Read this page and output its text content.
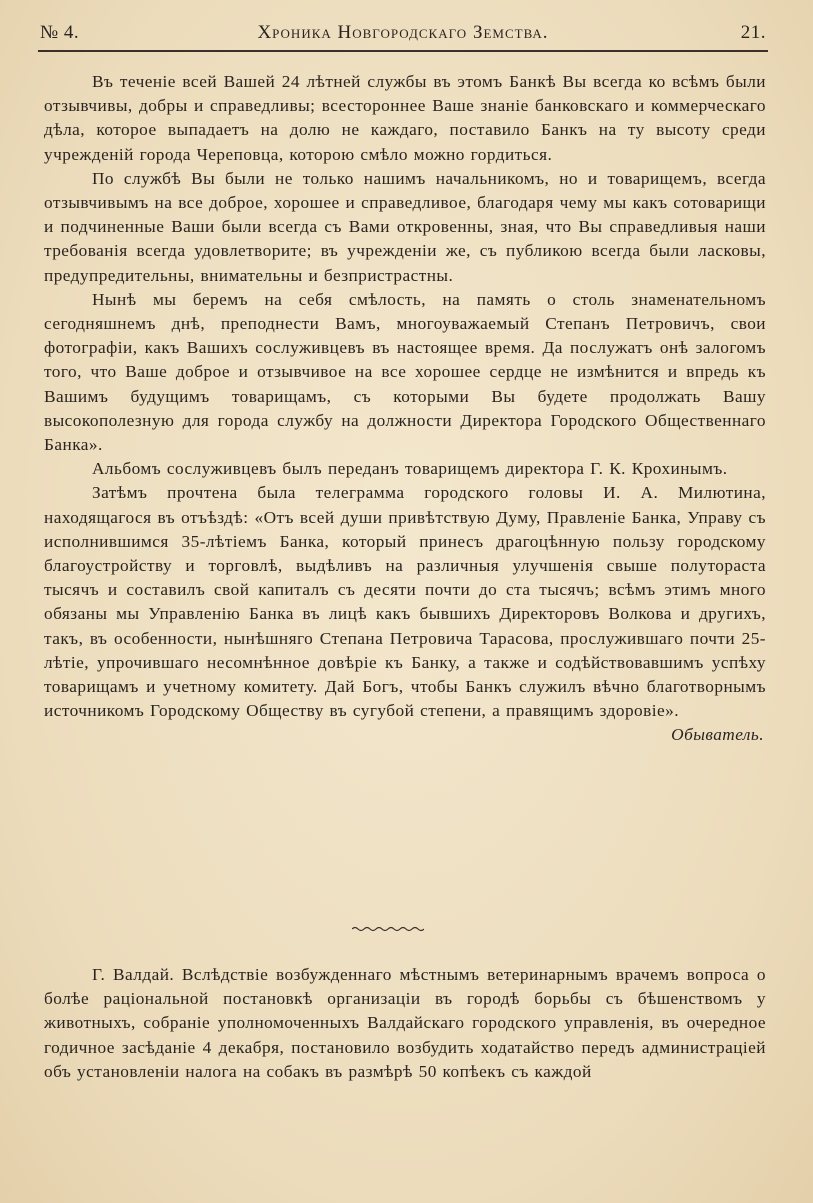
№ 4.	Хроника Новгородскаго Земства.	21.

Въ теченіе всей Вашей 24 лѣтней службы въ этомъ Банкѣ Вы всегда ко всѣмъ были отзывчивы, добры и справедливы; всестороннее Ваше знаніе банковскаго и коммерческаго дѣла, которое выпадаетъ на долю не каждаго, поставило Банкъ на ту высоту среди учрежденій города Череповца, которою смѣло можно гордиться.

По службѣ Вы были не только нашимъ начальникомъ, но и товарищемъ, всегда отзывчивымъ на все доброе, хорошее и справедливое, благодаря чему мы какъ сотоварищи и подчиненные Ваши были всегда съ Вами откровенны, зная, что Вы справедливыя наши требованія всегда удовлетворите; въ учрежденіи же, съ публикою всегда были ласковы, предупредительны, внимательны и безпристрастны.

Нынѣ мы беремъ на себя смѣлость, на память о столь знаменательномъ сегодняшнемъ днѣ, преподнести Вамъ, многоуважаемый Степанъ Петровичъ, свои фотографіи, какъ Вашихъ сослуживцевъ въ настоящее время. Да послужатъ онѣ залогомъ того, что Ваше доброе и отзывчивое на все хорошее сердце не измѣнится и впредь къ Вашимъ будущимъ товарищамъ, съ которыми Вы будете продолжать Вашу высокополезную для города службу на должности Директора Городского Общественнаго Банка».

Альбомъ сослуживцевъ былъ переданъ товарищемъ директора Г. К. Крохинымъ.

Затѣмъ прочтена была телеграмма городского головы И. А. Милютина, находящагося въ отъѣздѣ: «Отъ всей души привѣтствую Думу, Правленіе Банка, Управу съ исполнившимся 35-лѣтіемъ Банка, который принесъ драгоцѣнную пользу городскому благоустройству и торговлѣ, выдѣливъ на различныя улучшенія свыше полутораста тысячъ и составилъ свой капиталъ съ десяти почти до ста тысячъ; всѣмъ этимъ много обязаны мы Управленію Банка въ лицѣ какъ бывшихъ Директоровъ Волкова и другихъ, такъ, въ особенности, нынѣшняго Степана Петровича Тарасова, прослужившаго почти 25-лѣтіе, упрочившаго несомнѣнное довѣріе къ Банку, а также и содѣйствовавшимъ успѣху товарищамъ и учетному комитету. Дай Богъ, чтобы Банкъ служилъ вѣчно благотворнымъ источникомъ Городскому Обществу въ сугубой степени, а правящимъ здоровіе».

Обыватель.

Г. Валдай. Вслѣдствіе возбужденнаго мѣстнымъ ветеринарнымъ врачемъ вопроса о болѣе раціональной постановкѣ организаціи въ городѣ борьбы съ бѣшенствомъ у животныхъ, собраніе уполномоченныхъ Валдайскаго городского управленія, въ очередное годичное засѣданіе 4 декабря, постановило возбудить ходатайство передъ администраціей объ установленіи налога на собакъ въ размѣрѣ 50 копѣекъ съ каждой
